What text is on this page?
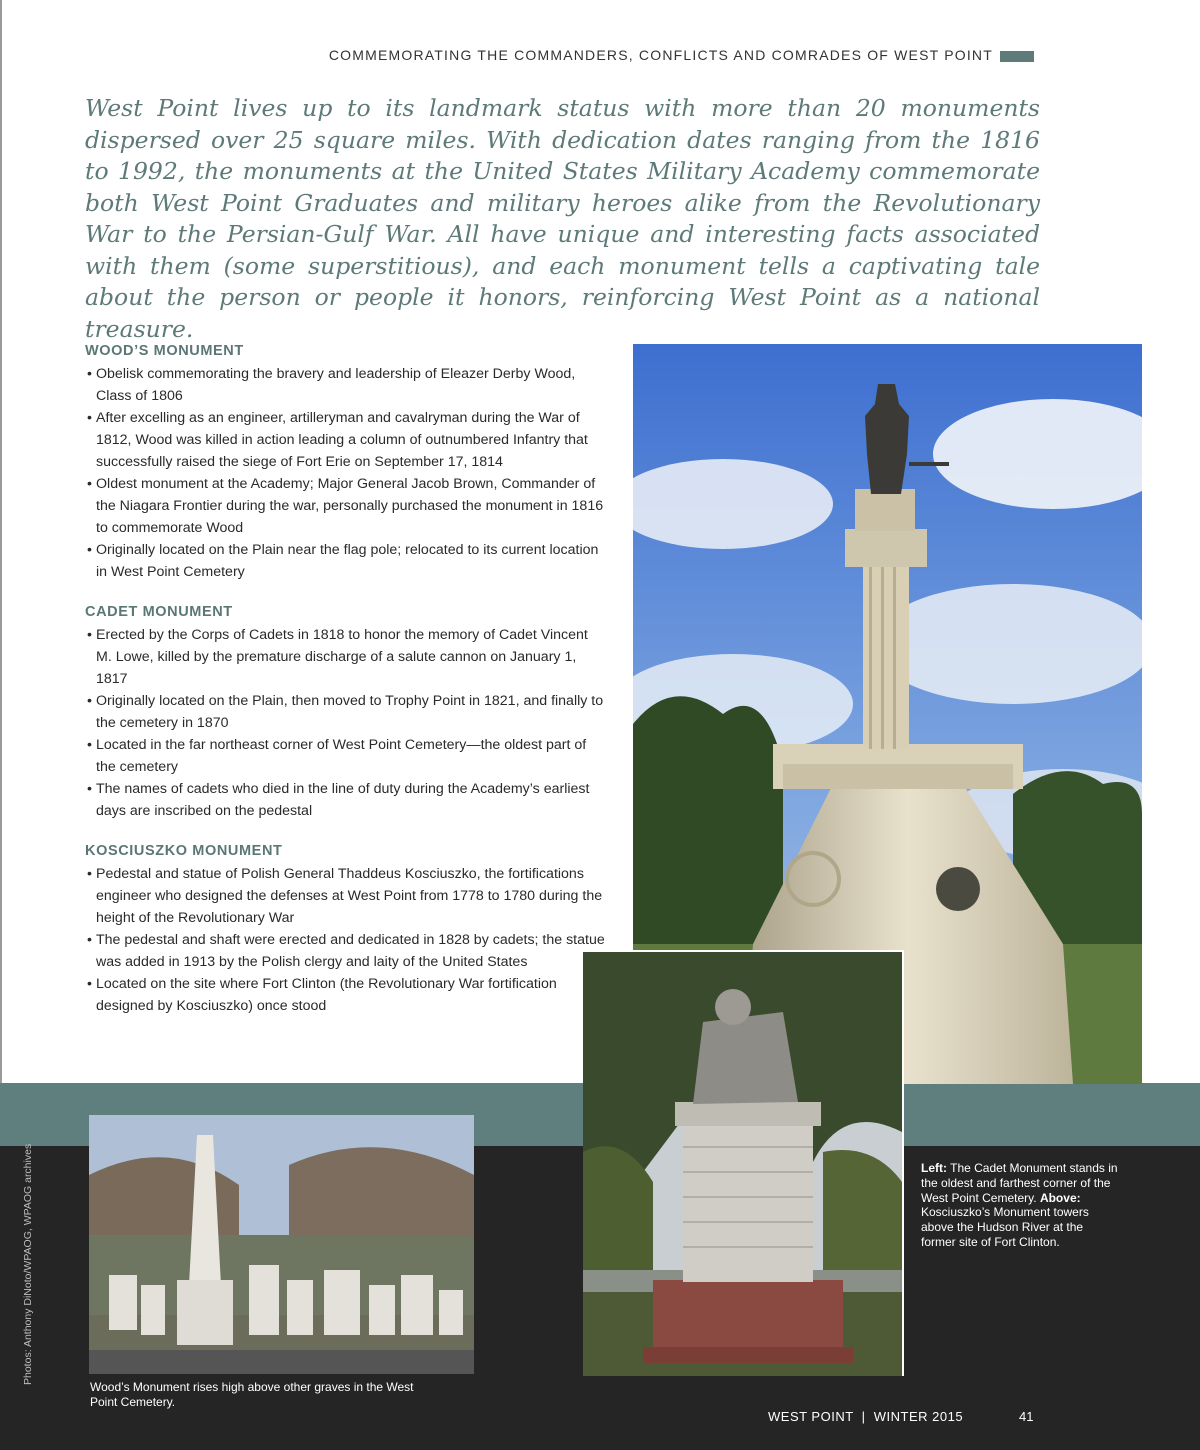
COMMEMORATING THE COMMANDERS, CONFLICTS AND COMRADES OF WEST POINT

West Point lives up to its landmark status with more than 20 monuments dispersed over 25 square miles. With dedication dates ranging from the 1816 to 1992, the monuments at the United States Military Academy commemorate both West Point Graduates and military heroes alike from the Revolutionary War to the Persian-Gulf War. All have unique and interesting facts associated with them (some superstitious), and each monument tells a captivating tale about the person or people it honors, reinforcing West Point as a national treasure.

WOOD’S MONUMENT
• Obelisk commemorating the bravery and leadership of Eleazer Derby Wood, Class of 1806
• After excelling as an engineer, artilleryman and cavalryman during the War of 1812, Wood was killed in action leading a column of outnumbered Infantry that successfully raised the siege of Fort Erie on September 17, 1814
• Oldest monument at the Academy; Major General Jacob Brown, Commander of the Niagara Frontier during the war, personally purchased the monument in 1816 to commemorate Wood
• Originally located on the Plain near the flag pole; relocated to its current location in West Point Cemetery
CADET MONUMENT
• Erected by the Corps of Cadets in 1818 to honor the memory of Cadet Vincent M. Lowe, killed by the premature discharge of a salute cannon on January 1, 1817
• Originally located on the Plain, then moved to Trophy Point in 1821, and finally to the cemetery in 1870
• Located in the far northeast corner of West Point Cemetery—the oldest part of the cemetery
• The names of cadets who died in the line of duty during the Academy’s earliest days are inscribed on the pedestal
KOSCIUSZKO MONUMENT
• Pedestal and statue of Polish General Thaddeus Kosciuszko, the fortifications engineer who designed the defenses at West Point from 1778 to 1780 during the height of the Revolutionary War
• The pedestal and shaft were erected and dedicated in 1828 by cadets; the statue was added in 1913 by the Polish clergy and laity of the United States
• Located on the site where Fort Clinton (the Revolutionary War fortification designed by Kosciuszko) once stood
Photos: Anthony DiNoto/WPAOG, WPAOG archives
Wood’s Monument rises high above other graves in the West Point Cemetery.
Left: The Cadet Monument stands in the oldest and farthest corner of the West Point Cemetery. Above: Kosciuszko’s Monument towers above the Hudson River at the former site of Fort Clinton.
WEST POINT  |  WINTER 2015	41
